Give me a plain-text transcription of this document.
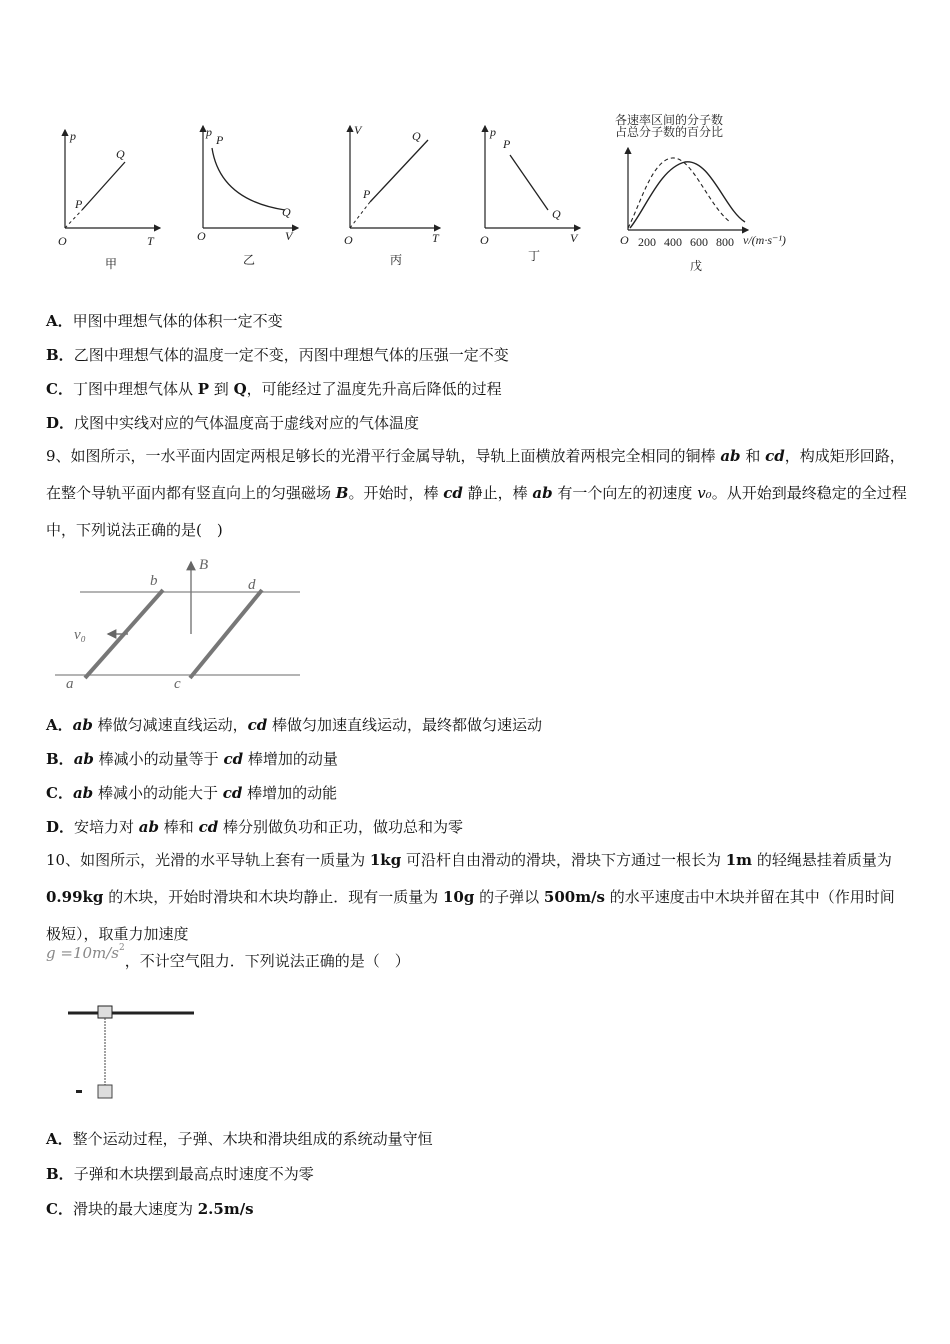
p
T
O
P
Q
甲
p
V
O
P
Q
乙
V
T
O
P
Q
丙
p
V
O
P
Q
丁
各速率区间的分子数
占总分子数的百分比
O 200 400 600 800 v/(m·s⁻¹)
戊
A．甲图中理想气体的体积一定不变
B．乙图中理想气体的温度一定不变，丙图中理想气体的压强一定不变
C．丁图中理想气体从 P 到 Q，可能经过了温度先升高后降低的过程
D．戊图中实线对应的气体温度高于虚线对应的气体温度
9、如图所示，一水平面内固定两根足够长的光滑平行金属导轨，导轨上面横放着两根完全相同的铜棒 ab 和 cd，构成矩形回路，在整个导轨平面内都有竖直向上的匀强磁场 B。开始时，棒 cd 静止，棒 ab 有一个向左的初速度 v₀。从开始到最终稳定的全过程中，下列说法正确的是(　)
b	d
a	c
B
v₀
A．ab 棒做匀减速直线运动，cd 棒做匀加速直线运动，最终都做匀速运动
B．ab 棒减小的动量等于 cd 棒增加的动量
C．ab 棒减小的动能大于 cd 棒增加的动能
D．安培力对 ab 棒和 cd 棒分别做负功和正功，做功总和为零
10、如图所示，光滑的水平导轨上套有一质量为 1kg 可沿杆自由滑动的滑块，滑块下方通过一根长为 1m 的轻绳悬挂着质量为 0.99kg 的木块，开始时滑块和木块均静止．现有一质量为 10g 的子弹以 500m/s 的水平速度击中木块并留在其中（作用时间极短），取重力加速度
$g =10m/s^2$，不计空气阻力．下列说法正确的是（　）
A．整个运动过程，子弹、木块和滑块组成的系统动量守恒
B．子弹和木块摆到最高点时速度不为零
C．滑块的最大速度为 2.5m/s
